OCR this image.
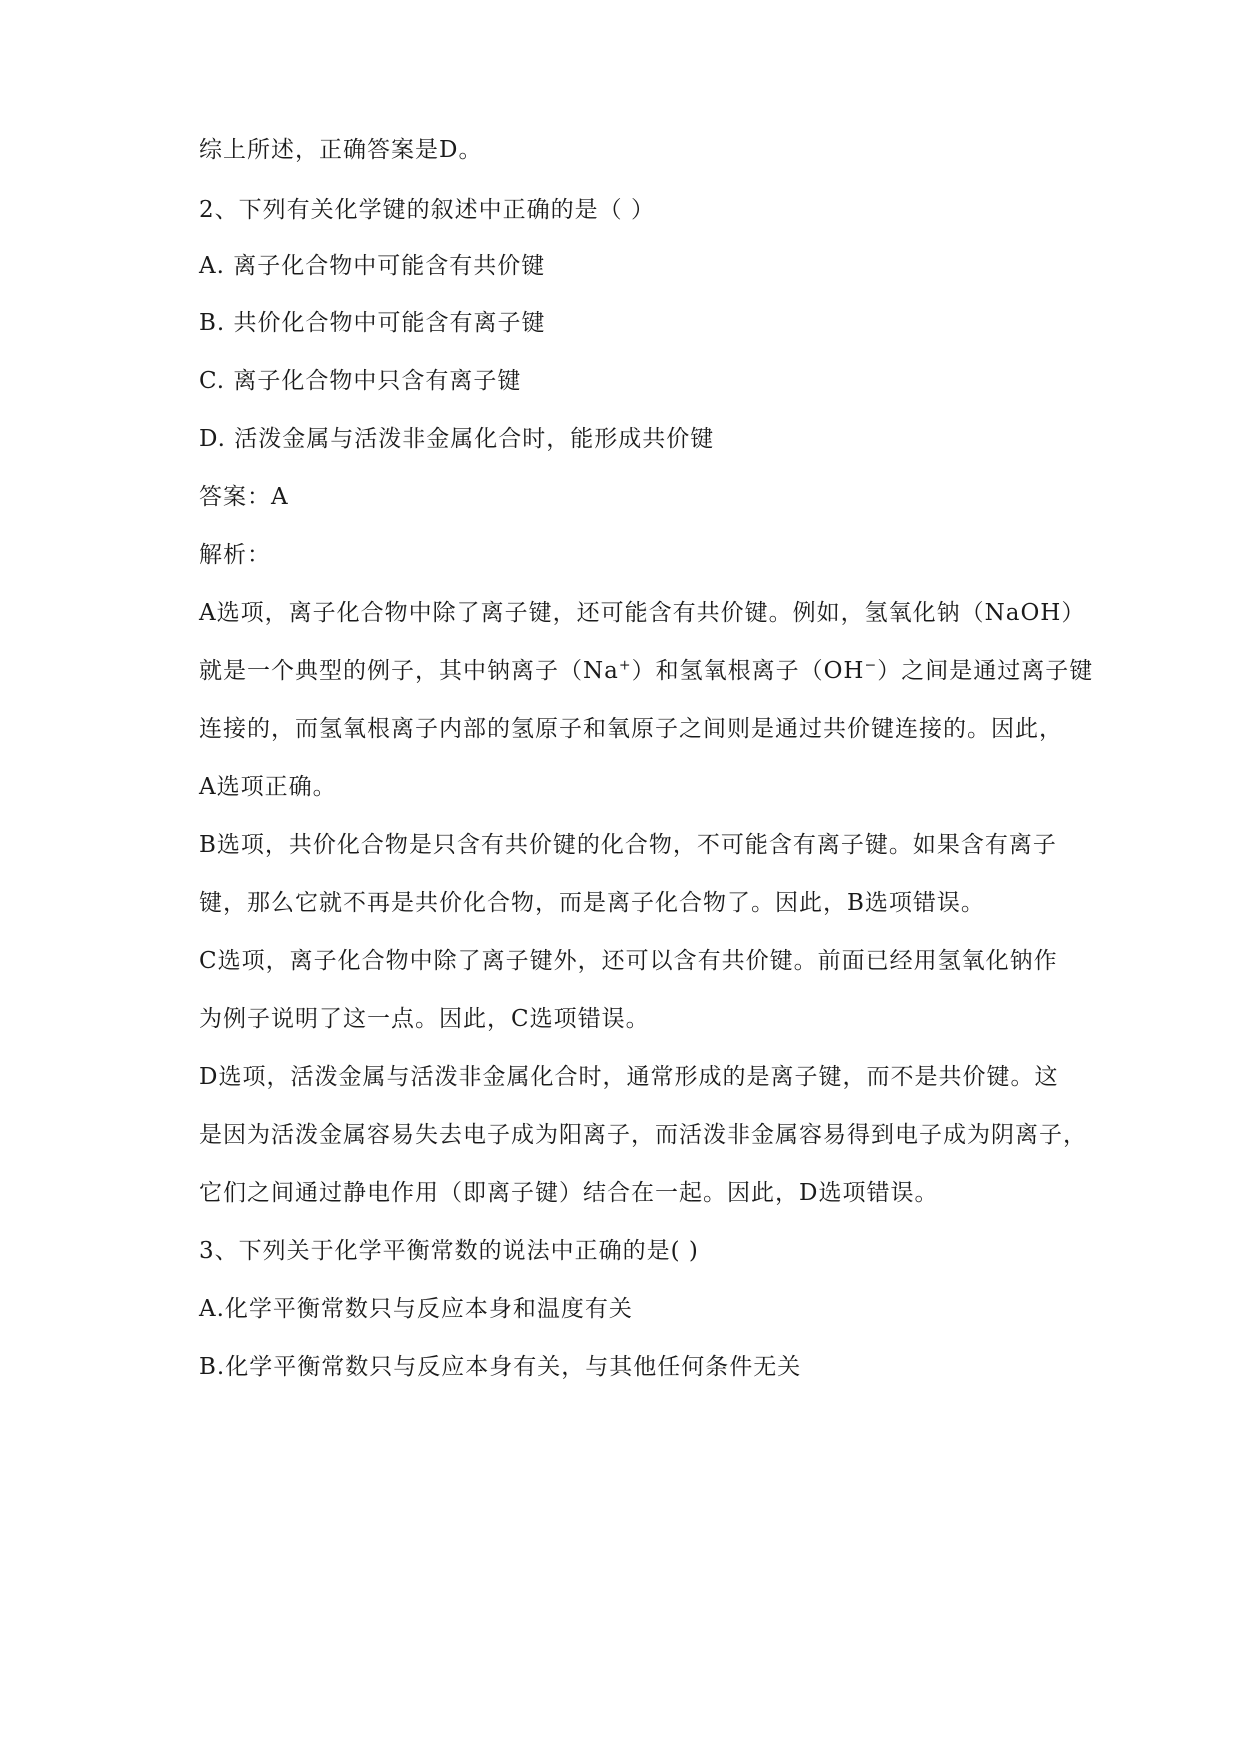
综上所述，正确答案是D。
2、下列有关化学键的叙述中正确的是（ ）
A. 离子化合物中可能含有共价键
B. 共价化合物中可能含有离子键
C. 离子化合物中只含有离子键
D. 活泼金属与活泼非金属化合时，能形成共价键
答案：A
解析：
A选项，离子化合物中除了离子键，还可能含有共价键。例如，氢氧化钠（NaOH）
就是一个典型的例子，其中钠离子（Na+）和氢氧根离子（OH−）之间是通过离子键
连接的，而氢氧根离子内部的氢原子和氧原子之间则是通过共价键连接的。因此，
A选项正确。
B选项，共价化合物是只含有共价键的化合物，不可能含有离子键。如果含有离子
键，那么它就不再是共价化合物，而是离子化合物了。因此，B选项错误。
C选项，离子化合物中除了离子键外，还可以含有共价键。前面已经用氢氧化钠作
为例子说明了这一点。因此，C选项错误。
D选项，活泼金属与活泼非金属化合时，通常形成的是离子键，而不是共价键。这
是因为活泼金属容易失去电子成为阳离子，而活泼非金属容易得到电子成为阴离子，
它们之间通过静电作用（即离子键）结合在一起。因此，D选项错误。
3、下列关于化学平衡常数的说法中正确的是( )
A.化学平衡常数只与反应本身和温度有关
B.化学平衡常数只与反应本身有关，与其他任何条件无关
